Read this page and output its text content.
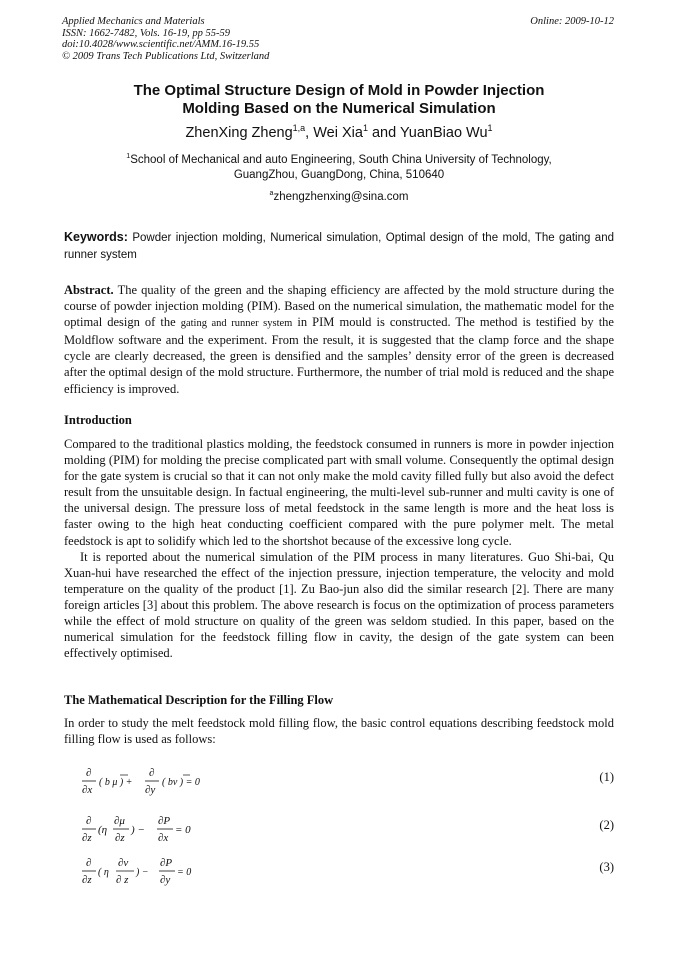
Applied Mechanics and Materials
ISSN: 1662-7482, Vols. 16-19, pp 55-59
doi:10.4028/www.scientific.net/AMM.16-19.55
© 2009 Trans Tech Publications Ltd, Switzerland
Online: 2009-10-12
The Optimal Structure Design of Mold in Powder Injection
Molding Based on the Numerical Simulation
ZhenXing Zheng$^{1,a}$, Wei Xia$^1$ and YuanBiao Wu$^1$
$^1$School of Mechanical and auto Engineering, South China University of Technology,
GuangZhou, GuangDong, China, 510640
$^a$zhengzhenxing@sina.com
Keywords: Powder injection molding, Numerical simulation, Optimal design of the mold, The gating and runner system
Abstract. The quality of the green and the shaping efficiency are affected by the mold structure during the course of powder injection molding (PIM). Based on the numerical simulation, the mathematic model for the optimal design of the gating and runner system in PIM mould is constructed. The method is testified by the Moldflow software and the experiment. From the result, it is suggested that the clamp force and the shape cycle are clearly decreased, the green is densified and the samples’ density error of the green is decreased after the optimal design of the mold structure. Furthermore, the number of trial mold is reduced and the shape efficiency is improved.
Introduction

Compared to the traditional plastics molding, the feedstock consumed in runners is more in powder injection molding (PIM) for molding the precise complicated part with small volume. Consequently the optimal design for the gate system is crucial so that it can not only make the mold cavity filled fully but also avoid the defect result from the unsuitable design. In factual engineering, the multi-level sub-runner and multi cavity is one of the universal design. The pressure loss of metal feedstock in the same length is more and the heat loss is faster owing to the high heat conducting coefficient compared with the pure polymer melt. The metal feedstock is apt to solidify which led to the shortshot because of the excessive long cycle.

It is reported about the numerical simulation of the PIM process in many literatures. Guo Shi-bai, Qu Xuan-hui have researched the effect of the injection pressure, injection temperature, the velocity and mold temperature on the quality of the product [1]. Zu Bao-jun also did the similar research [2]. There are many foreign articles [3] about this problem. The above research is focus on the optimization of process parameters while the effect of mold structure on quality of the green was seldom studied. In this paper, based on the numerical simulation for the feedstock filling flow in cavity, the design of the gate system can been effectively optimised.

The Mathematical Description for the Filling Flow
In order to study the melt feedstock mold filling flow, the basic control equations describing feedstock mold filling flow is used as follows:
∂
∂x
( b μ ) +
∂
∂y
( bv ) = 0	(1)
∂
∂z
(η
∂μ
∂z
) −
∂P
∂x
= 0	(2)
∂
∂z
( η
∂ν
∂ z
) −
∂P
∂y
= 0	(3)
